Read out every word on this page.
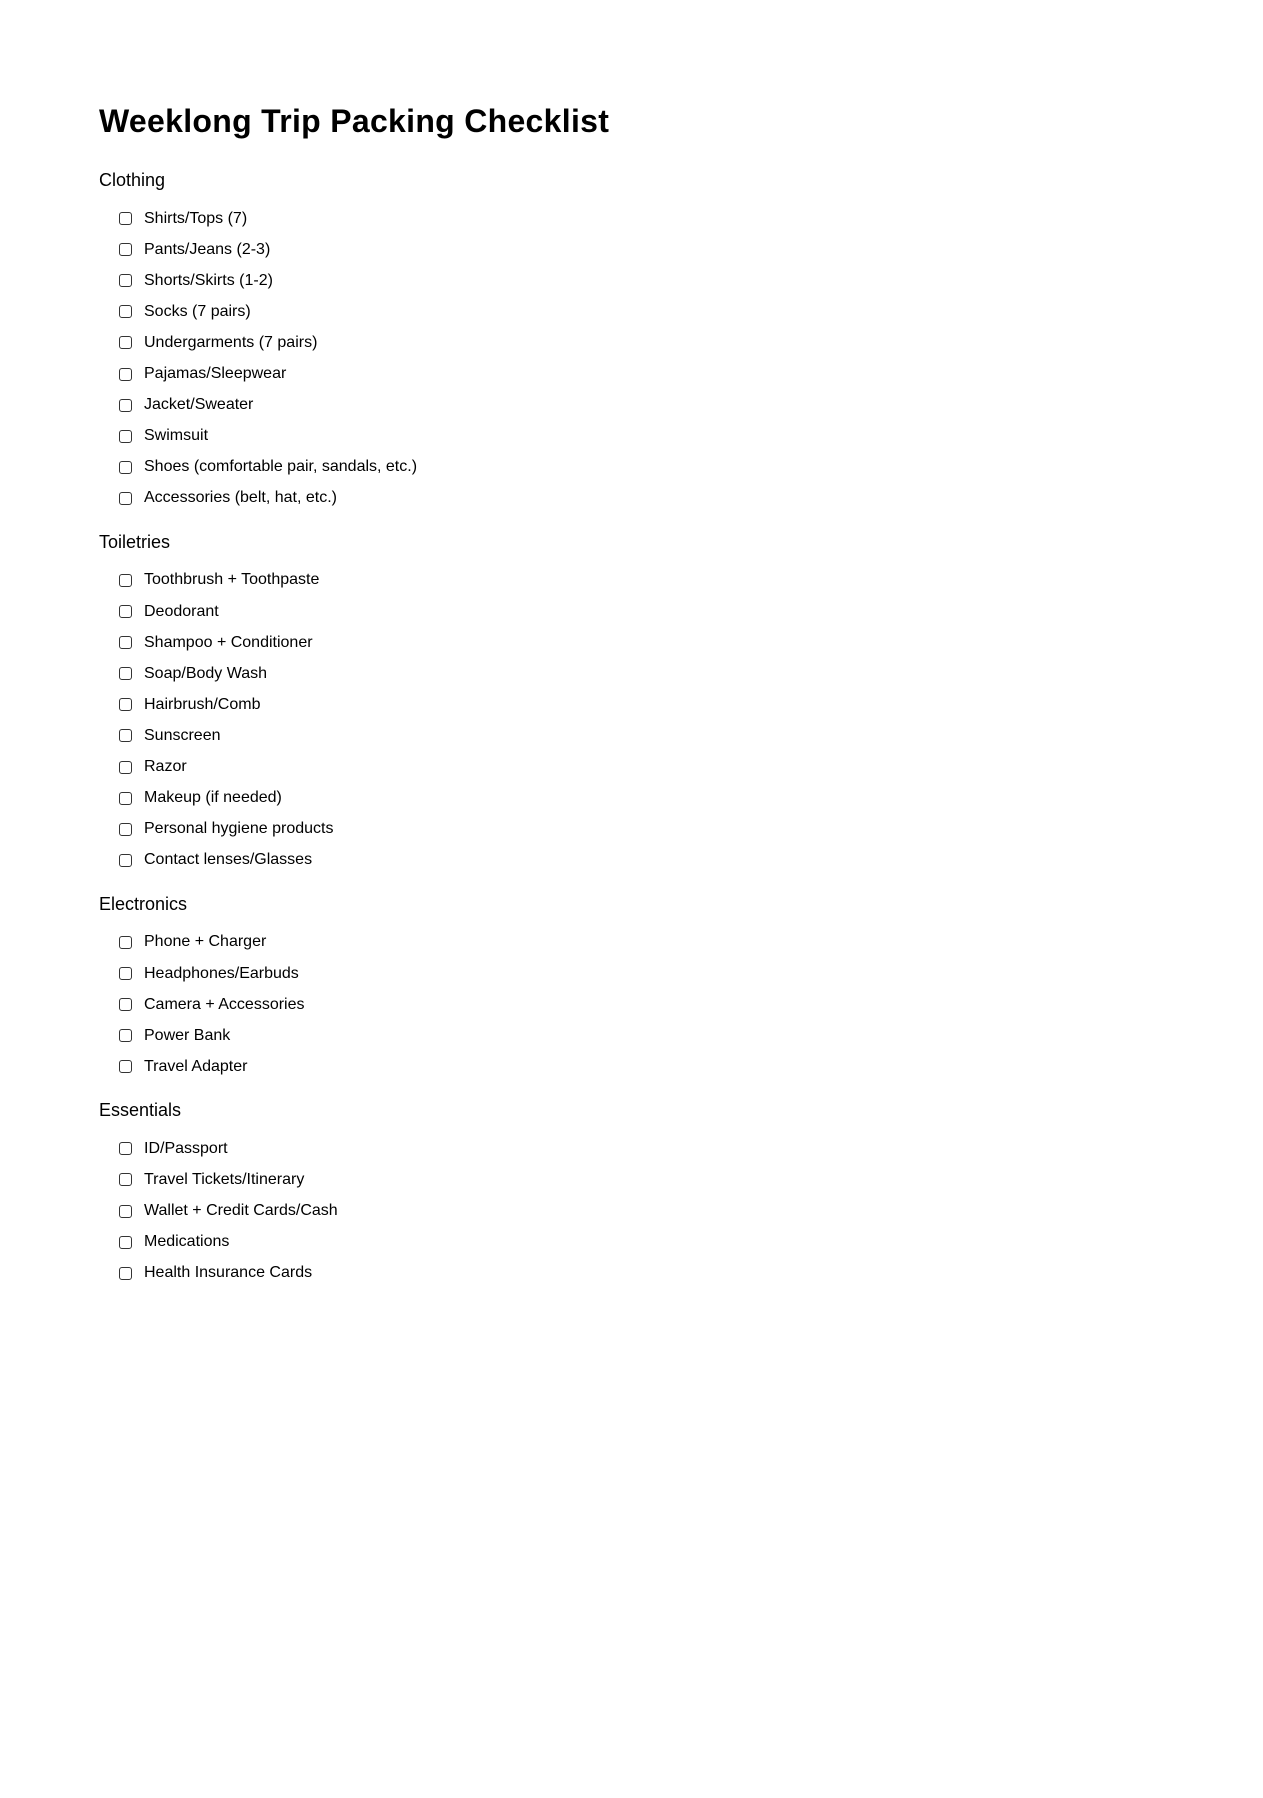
Weeklong Trip Packing Checklist
Clothing
Shirts/Tops (7)
Pants/Jeans (2-3)
Shorts/Skirts (1-2)
Socks (7 pairs)
Undergarments (7 pairs)
Pajamas/Sleepwear
Jacket/Sweater
Swimsuit
Shoes (comfortable pair, sandals, etc.)
Accessories (belt, hat, etc.)
Toiletries
Toothbrush + Toothpaste
Deodorant
Shampoo + Conditioner
Soap/Body Wash
Hairbrush/Comb
Sunscreen
Razor
Makeup (if needed)
Personal hygiene products
Contact lenses/Glasses
Electronics
Phone + Charger
Headphones/Earbuds
Camera + Accessories
Power Bank
Travel Adapter
Essentials
ID/Passport
Travel Tickets/Itinerary
Wallet + Credit Cards/Cash
Medications
Health Insurance Cards
